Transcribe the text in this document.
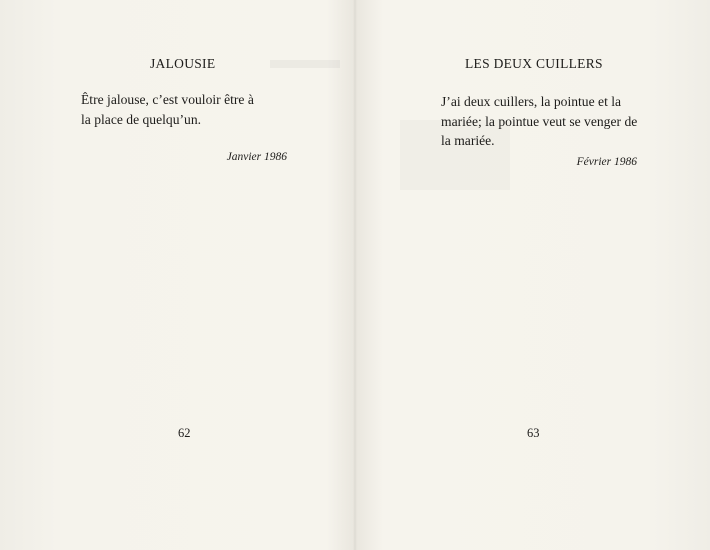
JALOUSIE
Être jalouse, c’est vouloir être à
la place de quelqu’un.
Janvier 1986
62
LES DEUX CUILLERS
J’ai deux cuillers, la pointue et la
mariée; la pointue veut se venger de
la mariée.
Février 1986
63
